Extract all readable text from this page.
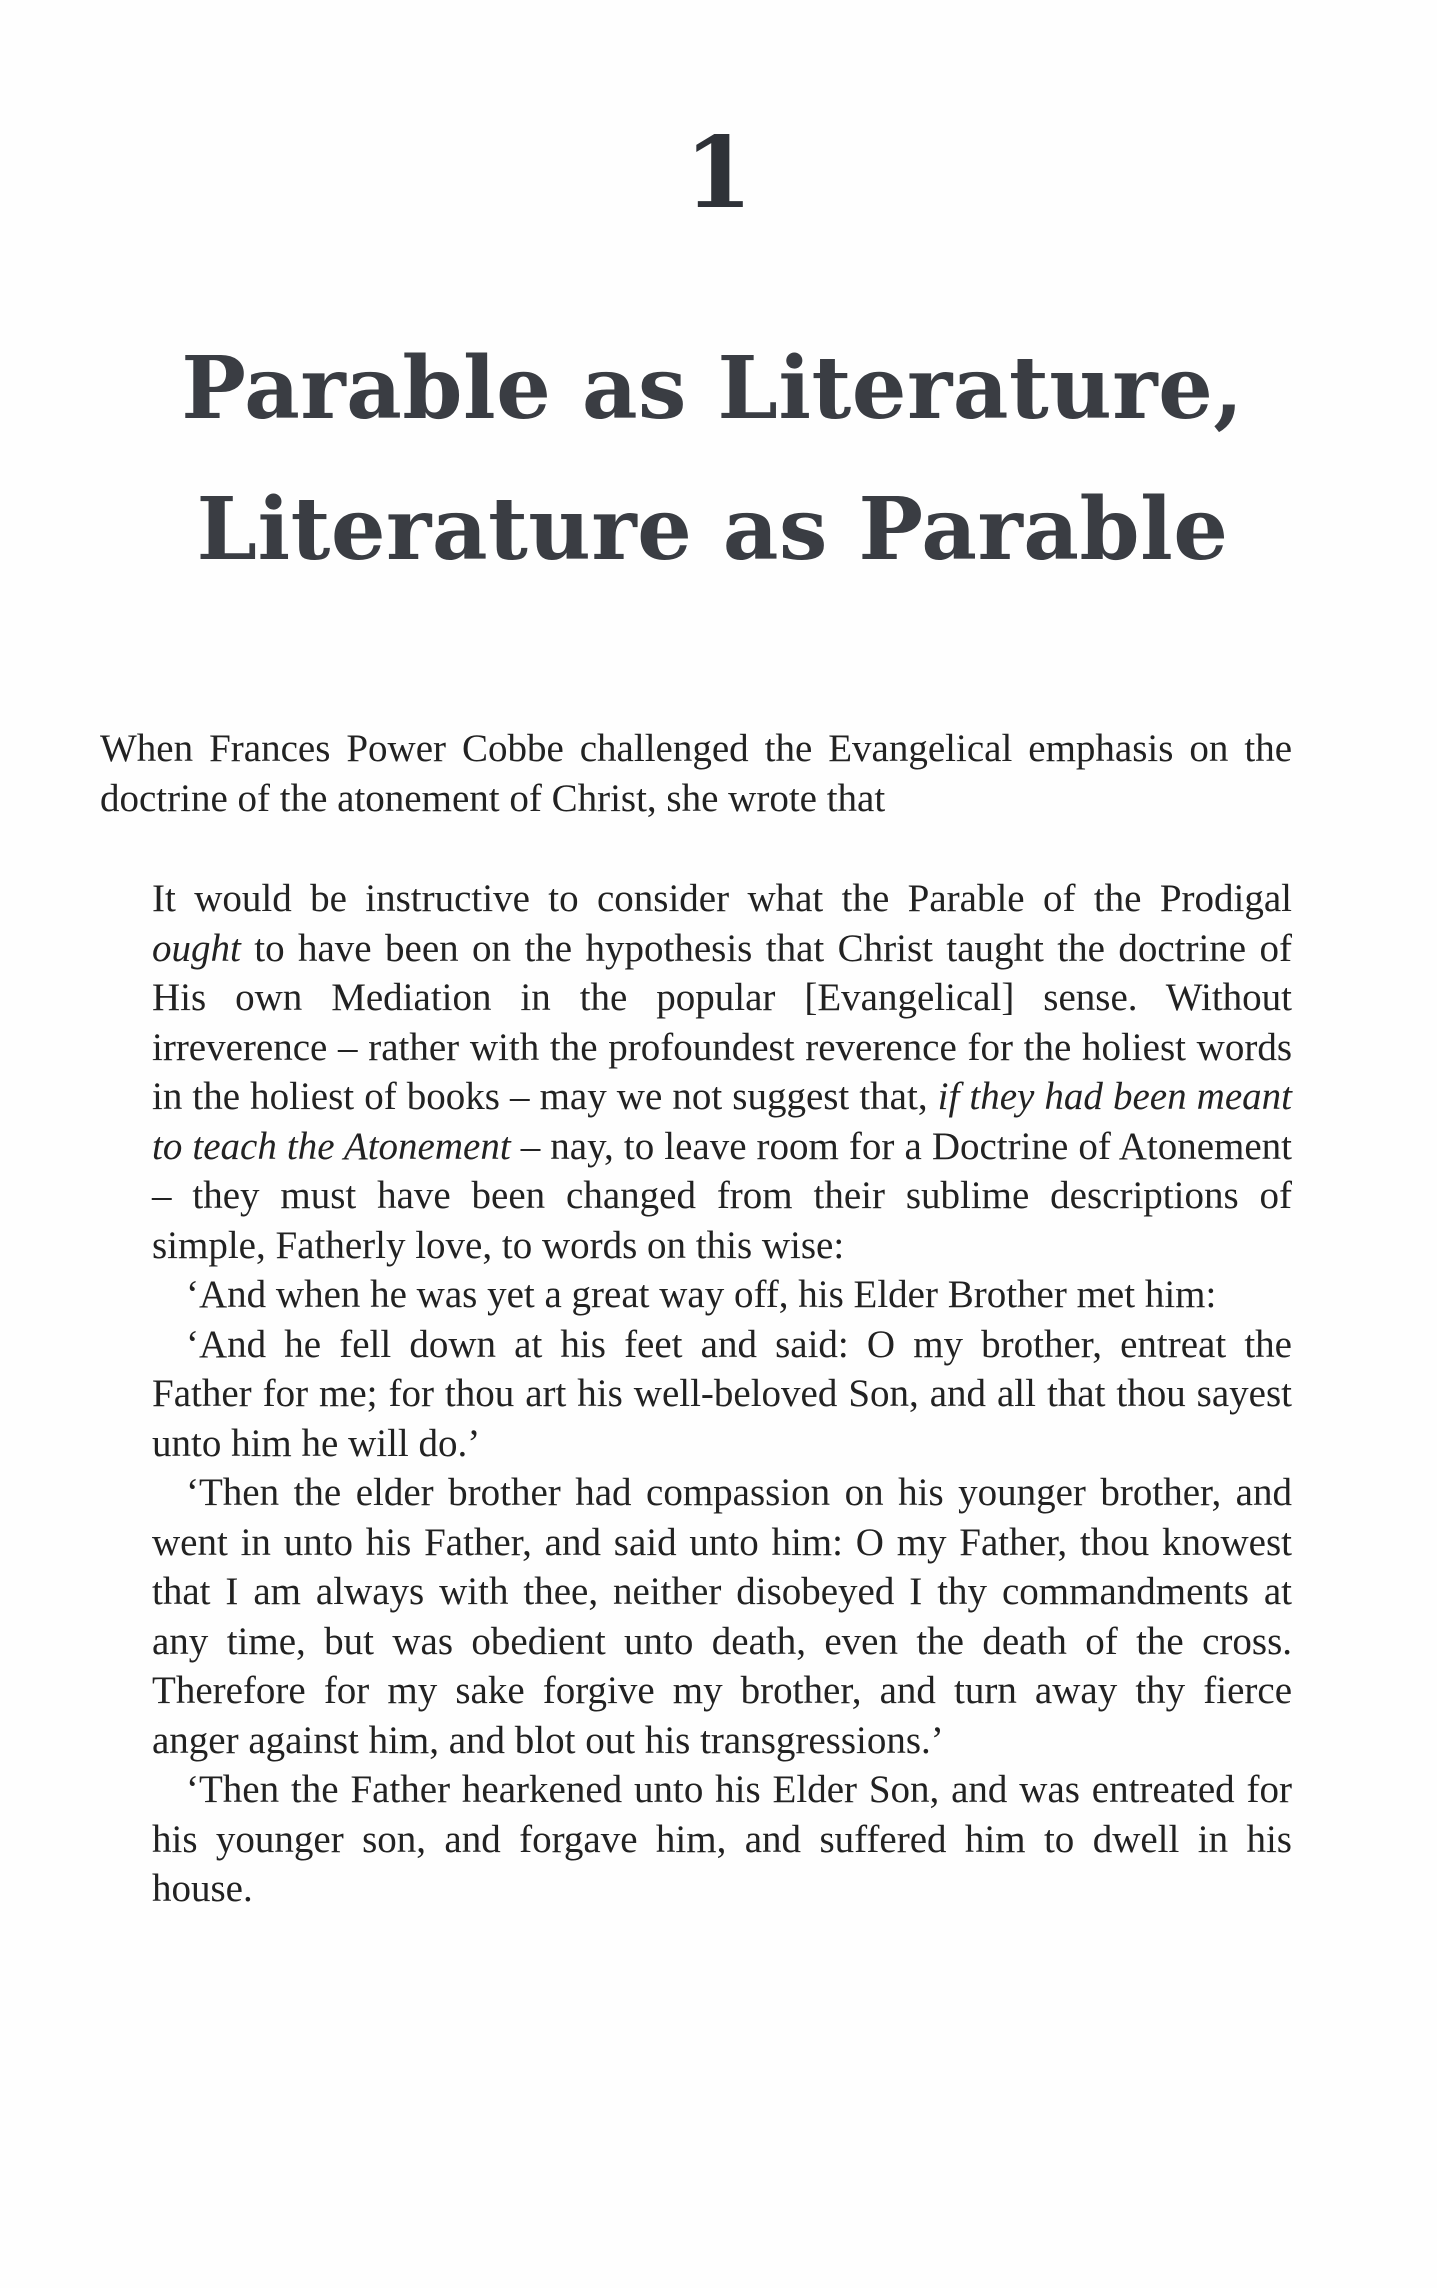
1
Parable as Literature,
Literature as Parable

When Frances Power Cobbe challenged the Evangelical emphasis on the doctrine of the atonement of Christ, she wrote that

It would be instructive to consider what the Parable of the Prodigal ought to have been on the hypothesis that Christ taught the doctrine of His own Mediation in the popular [Evangelical] sense. Without irreverence – rather with the profoundest reverence for the holiest words in the holiest of books – may we not suggest that, if they had been meant to teach the Atonement – nay, to leave room for a Doctrine of Atonement – they must have been changed from their sublime descriptions of simple, Fatherly love, to words on this wise:

‘And when he was yet a great way off, his Elder Brother met him:

‘And he fell down at his feet and said: O my brother, entreat the Father for me; for thou art his well-beloved Son, and all that thou sayest unto him he will do.’

‘Then the elder brother had compassion on his younger brother, and went in unto his Father, and said unto him: O my Father, thou knowest that I am always with thee, neither disobeyed I thy commandments at any time, but was obedient unto death, even the death of the cross. Therefore for my sake forgive my brother, and turn away thy fierce anger against him, and blot out his transgressions.’

‘Then the Father hearkened unto his Elder Son, and was entreated for his younger son, and forgave him, and suffered him to dwell in his house.
